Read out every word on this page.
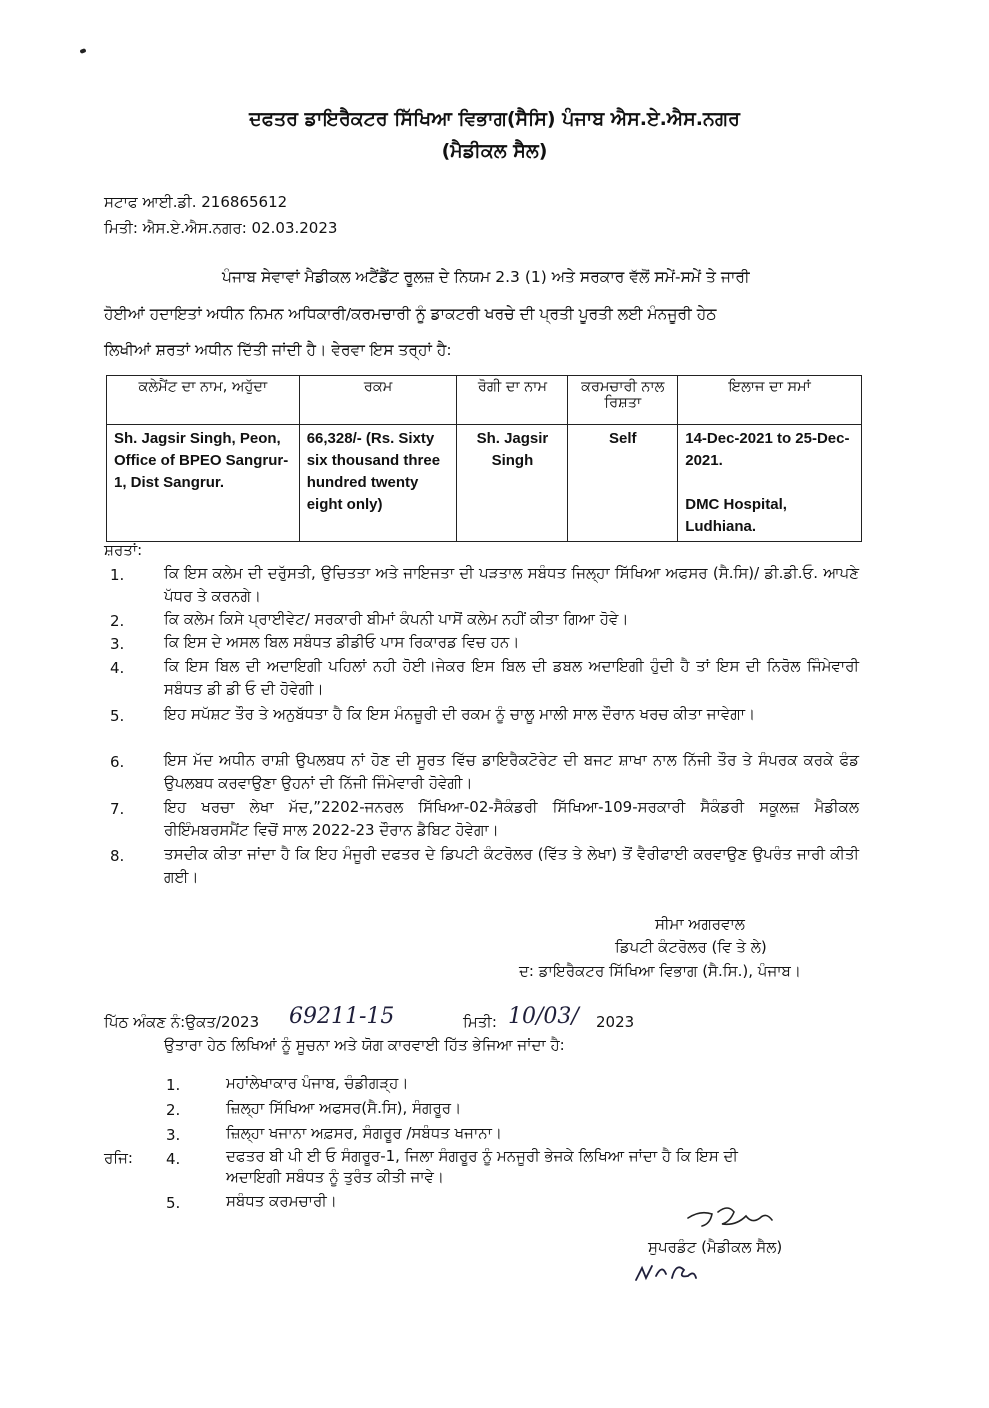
ਦਫਤਰ ਡਾਇਰੈਕਟਰ ਸਿੱਖਿਆ ਵਿਭਾਗ(ਸੈਸਿ) ਪੰਜਾਬ ਐਸ.ਏ.ਐਸ.ਨਗਰ
(ਮੈਡੀਕਲ ਸੈਲ)
ਸਟਾਫ ਆਈ.ਡੀ. 216865612
ਮਿਤੀ: ਐਸ.ਏ.ਐਸ.ਨਗਰ: 02.03.2023
ਪੰਜਾਬ ਸੇਵਾਵਾਂ ਮੈਡੀਕਲ ਅਟੈਂਡੈਂਟ ਰੂਲਜ਼ ਦੇ ਨਿਯਮ 2.3 (1) ਅਤੇ ਸਰਕਾਰ ਵੱਲੋਂ ਸਮੇਂ-ਸਮੇਂ ਤੇ ਜਾਰੀ
ਹੋਈਆਂ ਹਦਾਇਤਾਂ ਅਧੀਨ ਨਿਮਨ ਅਧਿਕਾਰੀ/ਕਰਮਚਾਰੀ ਨੂੰ ਡਾਕਟਰੀ ਖਰਚੇ ਦੀ ਪ੍ਰਤੀ ਪੂਰਤੀ ਲਈ ਮੰਨਜੂਰੀ ਹੇਠ
ਲਿਖੀਆਂ ਸ਼ਰਤਾਂ ਅਧੀਨ ਦਿੱਤੀ ਜਾਂਦੀ ਹੈ। ਵੇਰਵਾ ਇਸ ਤਰ੍ਹਾਂ ਹੈ:
ਕਲੇਮੈਂਟ ਦਾ ਨਾਮ, ਅਹੁੱਦਾ	ਰਕਮ	ਰੋਗੀ ਦਾ ਨਾਮ	ਕਰਮਚਾਰੀ ਨਾਲ ਰਿਸ਼ਤਾ	ਇਲਾਜ ਦਾ ਸਮਾਂ
Sh. Jagsir Singh, Peon, Office of BPEO Sangrur-1, Dist Sangrur.	66,328/- (Rs. Sixty six thousand three hundred twenty eight only)	Sh. Jagsir Singh	Self	14-Dec-2021 to 25-Dec-2021.
DMC Hospital, Ludhiana.
ਸ਼ਰਤਾਂ:
1.	ਕਿ ਇਸ ਕਲੇਮ ਦੀ ਦਰੁੱਸਤੀ, ਉਚਿਤਤਾ ਅਤੇ ਜਾਇਜਤਾ ਦੀ ਪੜਤਾਲ ਸਬੰਧਤ ਜਿਲ੍ਹਾ ਸਿੱਖਿਆ ਅਫਸਰ (ਸੈ.ਸਿ)/ ਡੀ.ਡੀ.ਓ. ਆਪਣੇ ਪੱਧਰ ਤੇ ਕਰਨਗੇ।
2.	ਕਿ ਕਲੇਮ ਕਿਸੇ ਪ੍ਰਾਈਵੇਟ/ ਸਰਕਾਰੀ ਬੀਮਾਂ ਕੰਪਨੀ ਪਾਸੋਂ ਕਲੇਮ ਨਹੀਂ ਕੀਤਾ ਗਿਆ ਹੋਵੇ।
3.	ਕਿ ਇਸ ਦੇ ਅਸਲ ਬਿਲ ਸਬੰਧਤ ਡੀਡੀਓ ਪਾਸ ਰਿਕਾਰਡ ਵਿਚ ਹਨ।
4.	ਕਿ ਇਸ ਬਿਲ ਦੀ ਅਦਾਇਗੀ ਪਹਿਲਾਂ ਨਹੀ ਹੋਈ।ਜੇਕਰ ਇਸ ਬਿਲ ਦੀ ਡਬਲ ਅਦਾਇਗੀ ਹੁੰਦੀ ਹੈ ਤਾਂ ਇਸ ਦੀ ਨਿਰੋਲ ਜਿੰਮੇਵਾਰੀ ਸਬੰਧਤ ਡੀ ਡੀ ਓ ਦੀ ਹੋਵੇਗੀ।
5.	ਇਹ ਸਪੱਸ਼ਟ ਤੌਰ ਤੇ ਅਨੁਬੱਧਤਾ ਹੈ ਕਿ ਇਸ ਮੰਨਜ਼ੂਰੀ ਦੀ ਰਕਮ ਨੂੰ ਚਾਲੂ ਮਾਲੀ ਸਾਲ ਦੌਰਾਨ ਖਰਚ ਕੀਤਾ ਜਾਵੇਗਾ।
6.	ਇਸ ਮੱਦ ਅਧੀਨ ਰਾਸ਼ੀ ਉਪਲਬਧ ਨਾਂ ਹੋਣ ਦੀ ਸੂਰਤ ਵਿੱਚ ਡਾਇਰੈਕਟੋਰੇਟ ਦੀ ਬਜਟ ਸ਼ਾਖਾ ਨਾਲ ਨਿੱਜੀ ਤੌਰ ਤੇ ਸੰਪਰਕ ਕਰਕੇ ਫੰਡ ਉਪਲਬਧ ਕਰਵਾਉਣਾ ਉਹਨਾਂ ਦੀ ਨਿੱਜੀ ਜਿੰਮੇਵਾਰੀ ਹੋਵੇਗੀ।
7.	ਇਹ ਖਰਚਾ ਲੇਖਾ ਮੱਦ,”2202-ਜਨਰਲ ਸਿੱਖਿਆ-02-ਸੈਕੰਡਰੀ ਸਿੱਖਿਆ-109-ਸਰਕਾਰੀ ਸੈਕੰਡਰੀ ਸਕੂਲਜ਼ ਮੈਡੀਕਲ ਰੀਇੰਮਬਰਸਮੈਂਟ ਵਿਚੋਂ ਸਾਲ 2022-23 ਦੌਰਾਨ ਡੈਬਿਟ ਹੋਵੇਗਾ।
8.	ਤਸਦੀਕ ਕੀਤਾ ਜਾਂਦਾ ਹੈ ਕਿ ਇਹ ਮੰਜੂਰੀ ਦਫਤਰ ਦੇ ਡਿਪਟੀ ਕੰਟਰੋਲਰ (ਵਿੱਤ ਤੇ ਲੇਖਾ) ਤੋਂ ਵੈਰੀਫਾਈ ਕਰਵਾਉਣ ਉਪਰੰਤ ਜਾਰੀ ਕੀਤੀ ਗਈ।
ਸੀਮਾ ਅਗਰਵਾਲ
ਡਿਪਟੀ ਕੰਟਰੋਲਰ (ਵਿ ਤੇ ਲੇ)
ਦ: ਡਾਇਰੈਕਟਰ ਸਿੱਖਿਆ ਵਿਭਾਗ (ਸੈ.ਸਿ.), ਪੰਜਾਬ।
ਪਿੱਠ ਅੰਕਣ ਨੰ:ਉਕਤ/2023 69211-15	ਮਿਤੀ: 10/03/ 2023
ਉਤਾਰਾ ਹੇਠ ਲਿਖਿਆਂ ਨੂੰ ਸੂਚਨਾ ਅਤੇ ਯੋਗ ਕਾਰਵਾਈ ਹਿੱਤ ਭੇਜਿਆ ਜਾਂਦਾ ਹੈ:
1.	ਮਹਾਂਲੇਖਾਕਾਰ ਪੰਜਾਬ, ਚੰਡੀਗੜ੍ਹ।
2.	ਜ਼ਿਲ੍ਹਾ ਸਿੱਖਿਆ ਅਫਸਰ(ਸੈ.ਸਿ), ਸੰਗਰੂਰ।
3.	ਜ਼ਿਲ੍ਹਾ ਖਜਾਨਾ ਅਫ਼ਸਰ, ਸੰਗਰੂਰ /ਸਬੰਧਤ ਖਜਾਨਾ।
ਰਜਿ: 4.	ਦਫਤਰ ਬੀ ਪੀ ਈ ਓ ਸੰਗਰੂਰ-1, ਜਿਲਾ ਸੰਗਰੂਰ ਨੂੰ ਮਨਜੂਰੀ ਭੇਜਕੇ ਲਿਖਿਆ ਜਾਂਦਾ ਹੈ ਕਿ ਇਸ ਦੀ
ਅਦਾਇਗੀ ਸਬੰਧਤ ਨੂੰ ਤੁਰੰਤ ਕੀਤੀ ਜਾਵੇ।
5.	ਸਬੰਧਤ ਕਰਮਚਾਰੀ।
ਸੁਪਰਡੰਟ (ਮੈਡੀਕਲ ਸੈਲ)
